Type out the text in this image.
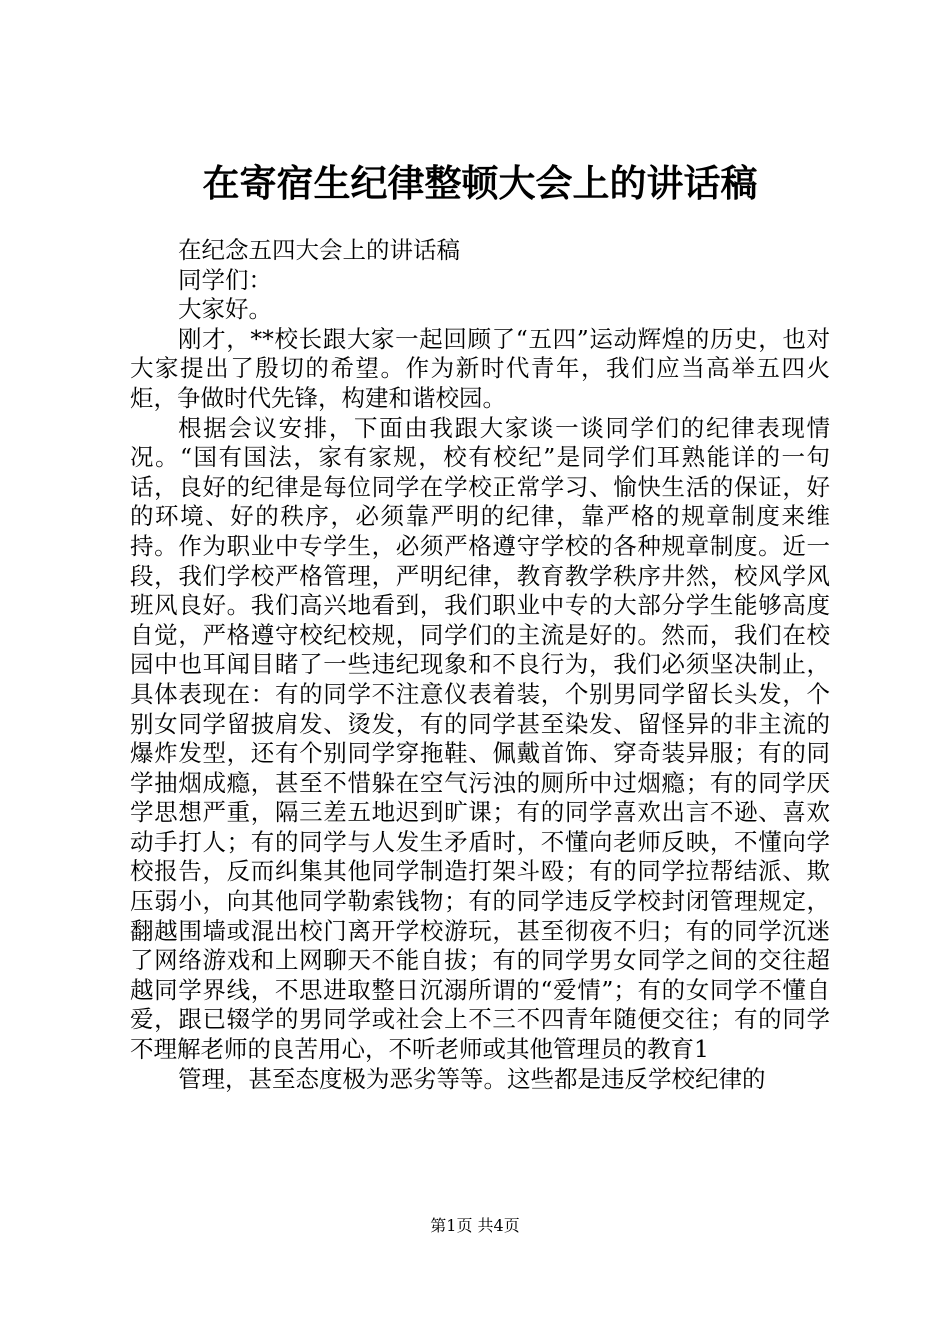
在寄宿生纪律整顿大会上的讲话稿

在纪念五四大会上的讲话稿

同学们：

大家好。

刚才，**校长跟大家一起回顾了“五四”运动辉煌的历史，也对大家提出了殷切的希望。作为新时代青年，我们应当高举五四火炬，争做时代先锋，构建和谐校园。

根据会议安排，下面由我跟大家谈一谈同学们的纪律表现情况。“国有国法，家有家规，校有校纪”是同学们耳熟能详的一句话，良好的纪律是每位同学在学校正常学习、愉快生活的保证，好的环境、好的秩序，必须靠严明的纪律，靠严格的规章制度来维持。作为职业中专学生，必须严格遵守学校的各种规章制度。近一段，我们学校严格管理，严明纪律，教育教学秩序井然，校风学风班风良好。我们高兴地看到，我们职业中专的大部分学生能够高度自觉，严格遵守校纪校规，同学们的主流是好的。然而，我们在校园中也耳闻目睹了一些违纪现象和不良行为，我们必须坚决制止，具体表现在：有的同学不注意仪表着装，个别男同学留长头发，个别女同学留披肩发、烫发，有的同学甚至染发、留怪异的非主流的爆炸发型，还有个别同学穿拖鞋、佩戴首饰、穿奇装异服；有的同学抽烟成瘾，甚至不惜躲在空气污浊的厕所中过烟瘾；有的同学厌学思想严重，隔三差五地迟到旷课；有的同学喜欢出言不逊、喜欢动手打人；有的同学与人发生矛盾时，不懂向老师反映，不懂向学校报告，反而纠集其他同学制造打架斗殴；有的同学拉帮结派、欺压弱小，向其他同学勒索钱物；有的同学违反学校封闭管理规定，翻越围墙或混出校门离开学校游玩，甚至彻夜不归；有的同学沉迷了网络游戏和上网聊天不能自拔；有的同学男女同学之间的交往超越同学界线，不思进取整日沉溺所谓的“爱情”；有的女同学不懂自爱，跟已辍学的男同学或社会上不三不四青年随便交往；有的同学不理解老师的良苦用心，不听老师或其他管理员的教育1

管理，甚至态度极为恶劣等等。这些都是违反学校纪律的

第1页 共4页
